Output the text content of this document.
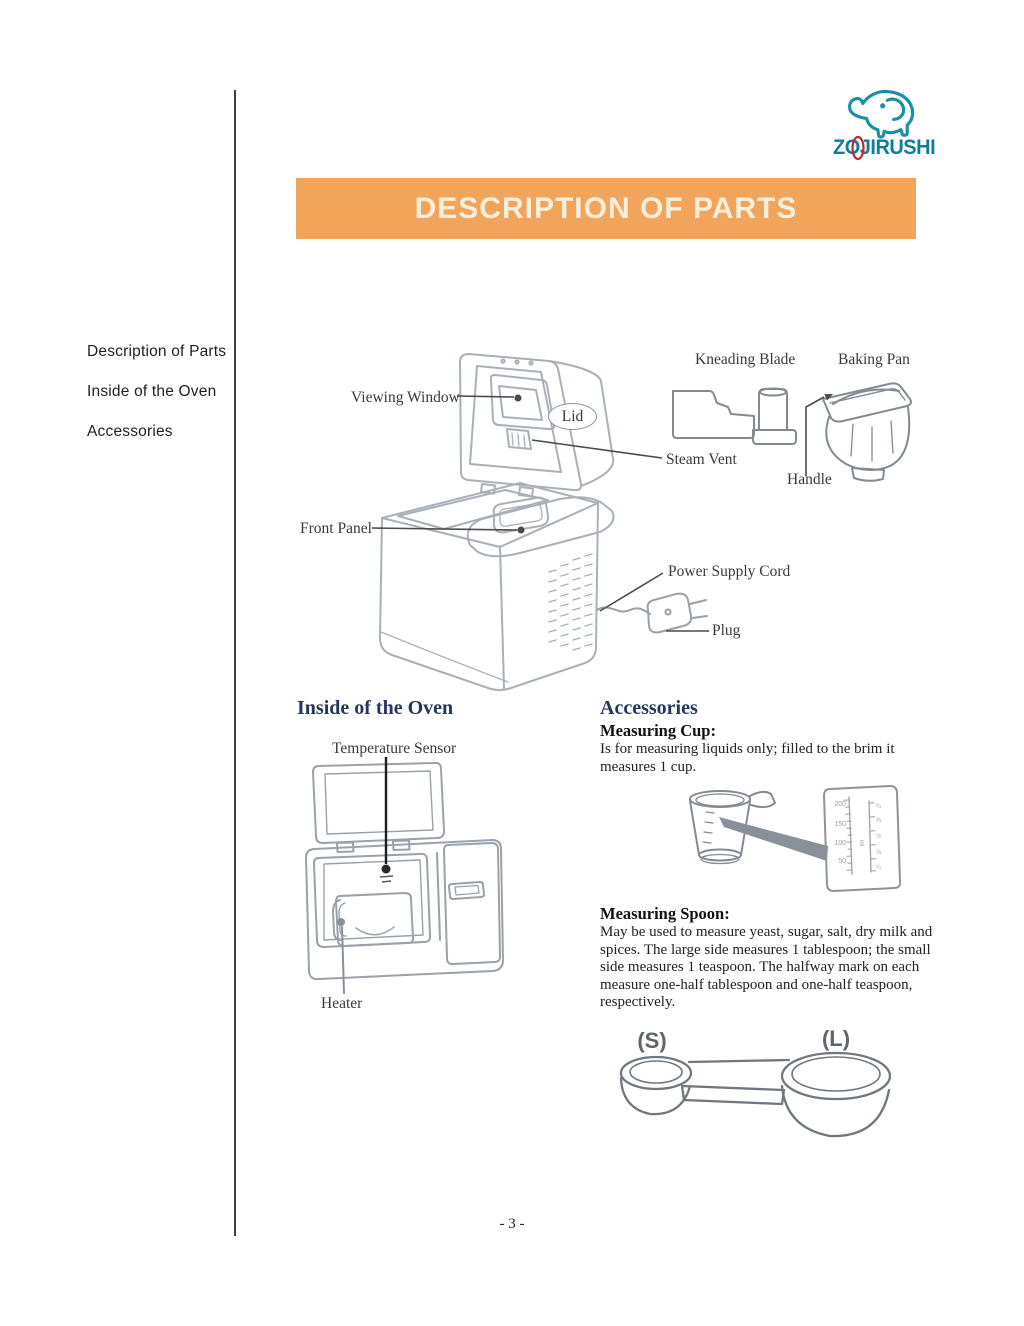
ZOJIRUSHI
DESCRIPTION OF PARTS
Description of Parts
Inside of the Oven
Accessories
200
150
100
50
ml
¾
⅔
½
⅓
¼
(S)	(L)
Viewing Window
Lid
Steam Vent
Front Panel
Kneading Blade	Baking Pan
Handle
Power Supply Cord
Plug
Inside of the Oven
Temperature Sensor
Heater
Accessories
Measuring Cup:
Is for measuring liquids only; filled to the brim it measures 1 cup.
Measuring Spoon:
May be used to measure yeast, sugar, salt, dry milk and spices. The large side measures 1 tablespoon; the small side measures 1 teaspoon. The halfway mark on each measure one-half tablespoon and one-half teaspoon, respectively.
- 3 -
